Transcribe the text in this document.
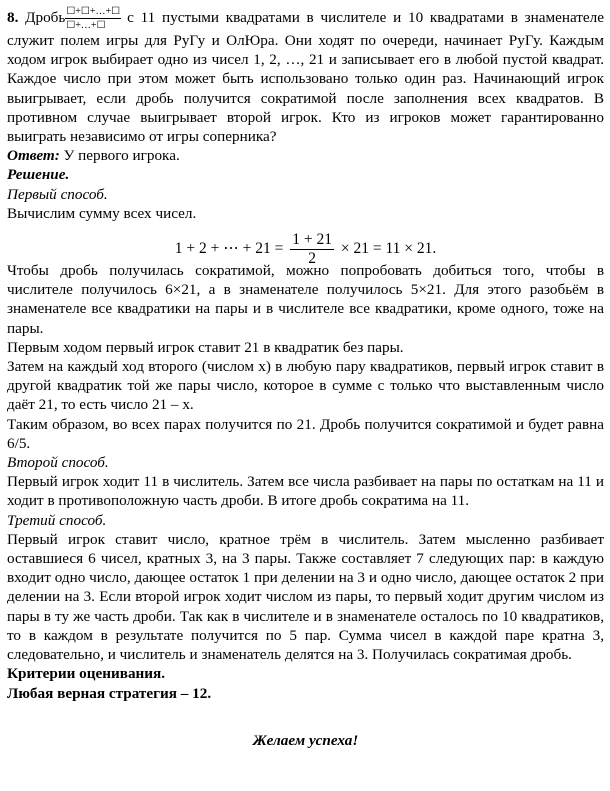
8. Дробь $\frac{☐+☐+\dots+☐}{☐+\dots+☐}$ с 11 пустыми квадратами в числителе и 10 квадратами в знаменателе служит полем игры для РуГу и ОлЮра. Они ходят по очереди, начинает РуГу. Каждым ходом игрок выбирает одно из чисел 1, 2, …, 21 и записывает его в любой пустой квадрат. Каждое число при этом может быть использовано только один раз. Начинающий игрок выигрывает, если дробь получится сократимой после заполнения всех квадратов. В противном случае выигрывает второй игрок. Кто из игроков может гарантированно выиграть независимо от игры соперника?

Ответ: У первого игрока.

Решение.

Первый способ.

Вычислим сумму всех чисел.

1 + 2 + ⋯ + $21 = \frac{1 + 21}{2} \times 21 = 11 \times 21$.

Чтобы дробь получилась сократимой, можно попробовать добиться того, чтобы в числителе получилось 6×21, а в знаменателе получилось 5×21. Для этого разобьём в знаменателе все квадратики на пары и в числителе все квадратики, кроме одного, тоже на пары.

Первым ходом первый игрок ставит 21 в квадратик без пары.

Затем на каждый ход второго (числом x) в любую пару квадратиков, первый игрок ставит в другой квадратик той же пары число, которое в сумме с только что выставленным число даёт 21, то есть число 21 – x.

Таким образом, во всех парах получится по 21. Дробь получится сократимой и будет равна 6/5.

Второй способ.

Первый игрок ходит 11 в числитель. Затем все числа разбивает на пары по остаткам на 11 и ходит в противоположную часть дроби. В итоге дробь сократима на 11.

Третий способ.

Первый игрок ставит число, кратное трём в числитель. Затем мысленно разбивает оставшиеся 6 чисел, кратных 3, на 3 пары. Также составляет 7 следующих пар: в каждую входит одно число, дающее остаток 1 при делении на 3 и одно число, дающее остаток 2 при делении на 3. Если второй игрок ходит числом из пары, то первый ходит другим числом из пары в ту же часть дроби. Так как в числителе и в знаменателе осталось по 10 квадратиков, то в каждом в результате получится по 5 пар. Сумма чисел в каждой паре кратна 3, следовательно, и числитель и знаменатель делятся на 3. Получилась сократимая дробь.

Критерии оценивания.

Любая верная стратегия – 12.

Желаем успеха!
